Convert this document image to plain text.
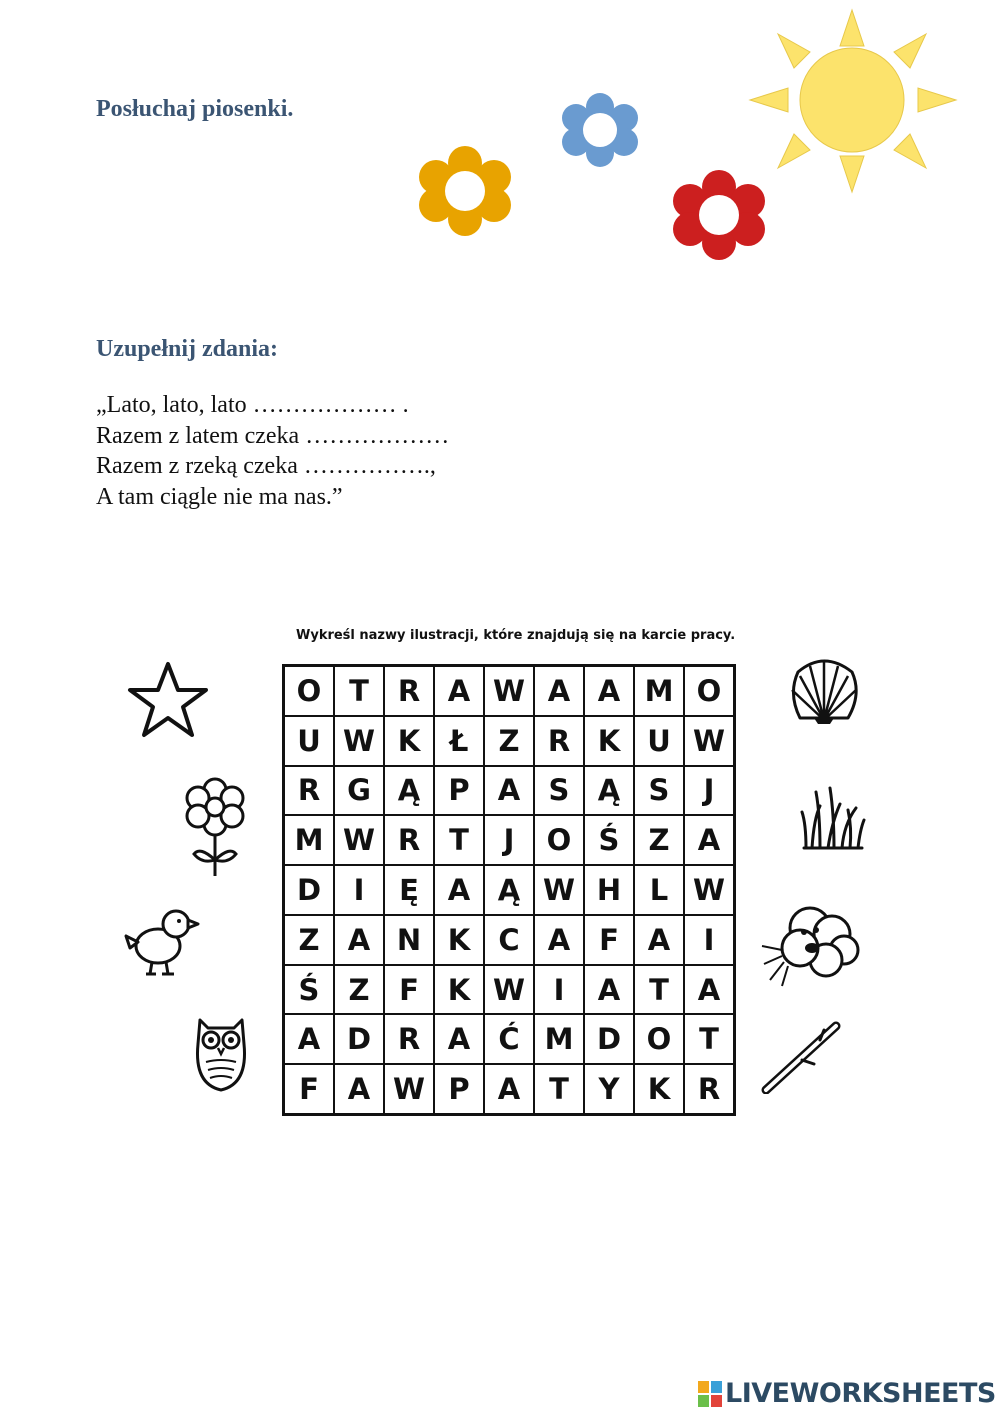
Posłuchaj piosenki.
Uzupełnij zdania:
„Lato, lato, lato ……………… .
Razem z latem czeka ………………
Razem z rzeką czeka …………….,
A tam ciągle nie ma nas.”
Wykreśl nazwy ilustracji, które znajdują się na karcie pracy.
O T R A W A A M O
U W K	Ł	Z R K U W
R G Ą P A S Ą S	J
M W R T	J	O Ś	Z A
D	I	Ę A Ą W H L W
Z A N K C A F A	I
Ś	Z	F K W I	A T A
A D R A Ć M D O T
F A W P A T	Y K R
LIVEWORKSHEETS
